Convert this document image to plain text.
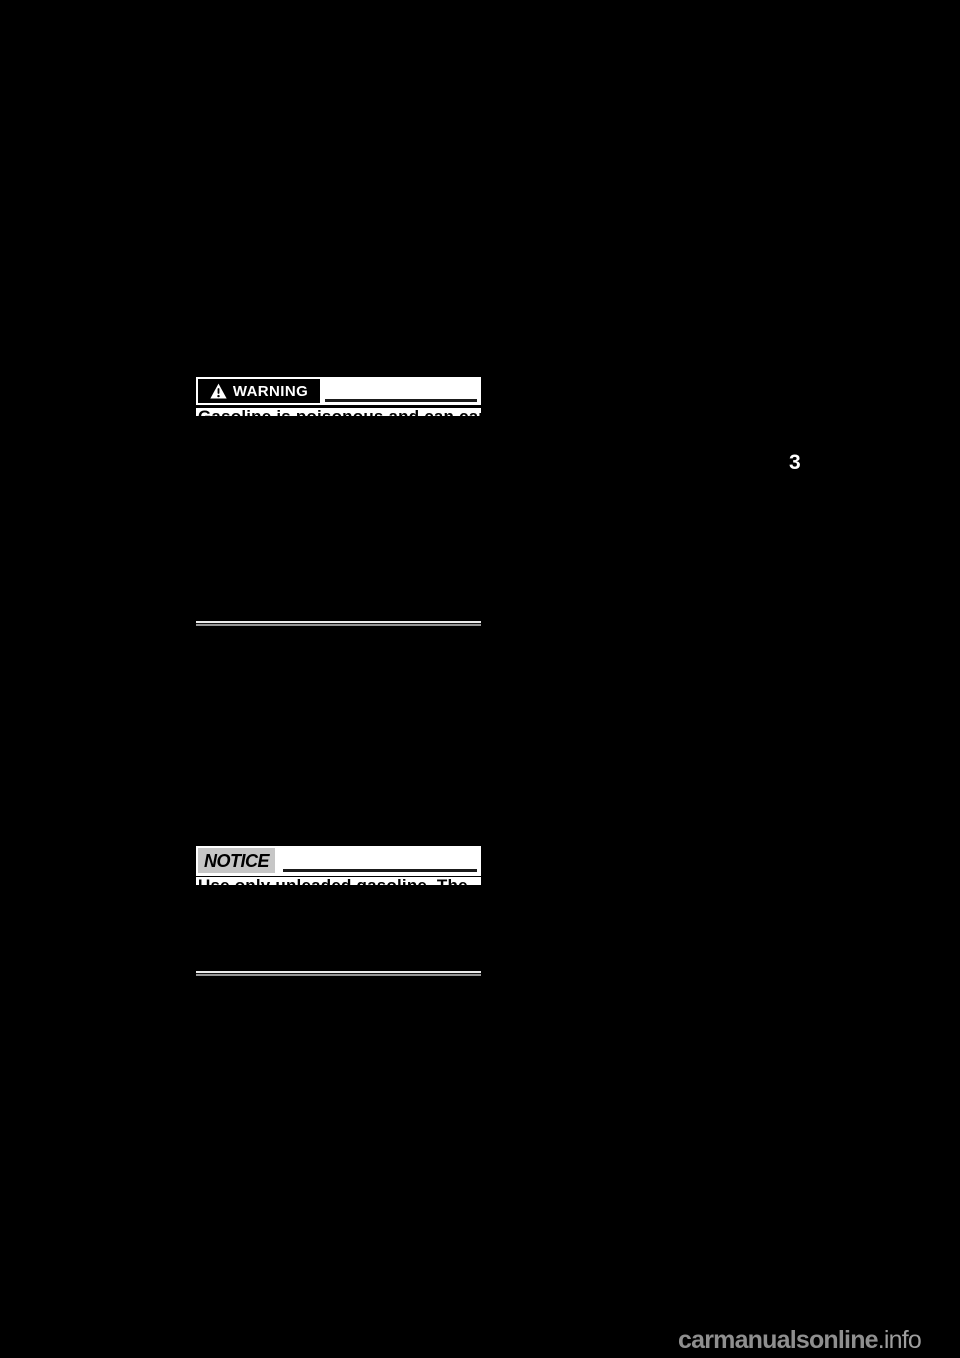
WARNING
Gasoline is poisonous and can cause
NOTICE
Use only unleaded gasoline. The
3
carmanualsonline.info
